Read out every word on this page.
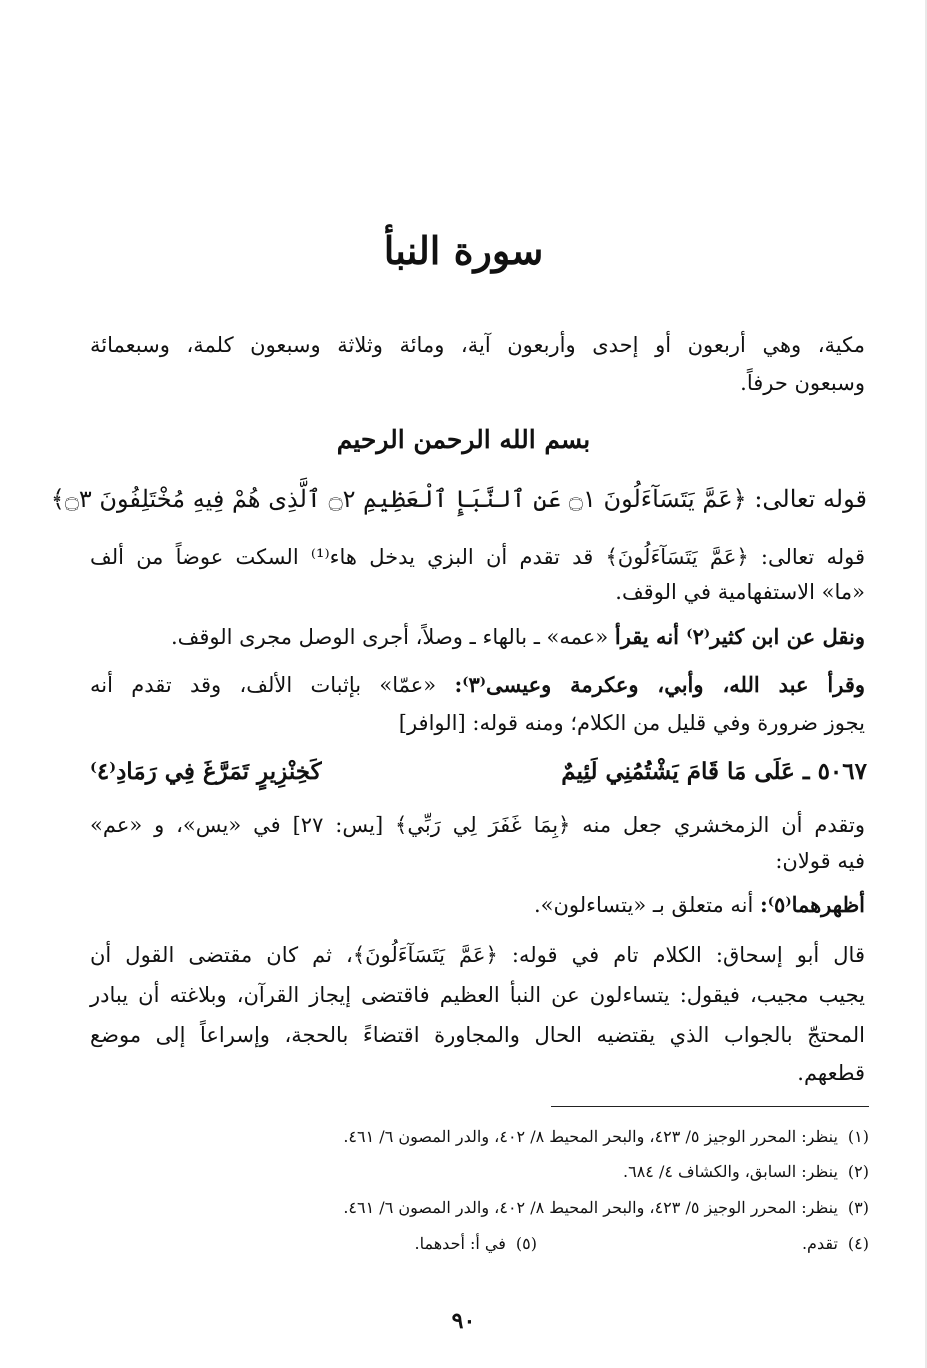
سورة النبأ
مكية، وهي أربعون أو إحدى وأربعون آية، ومائة وثلاثة وسبعون كلمة، وسبعمائة
وسبعون حرفاً.
بسم الله الرحمن الرحيم
قوله تعالى: ﴿عَمَّ يَتَسَآءَلُونَ ۝١ عَنِ ٱلنَّبَإِ ٱلْعَظِيمِ ۝٢ ٱلَّذِى هُمْ فِيهِ مُخْتَلِفُونَ ۝٣﴾
قوله تعالى: ﴿عَمَّ يَتَسَآءَلُونَ﴾ قد تقدم أن البزي يدخل هاء⁽¹⁾ السكت عوضاً من ألف
«ما» الاستفهامية في الوقف.
ونقل عن ابن كثير⁽٢⁾ أنه يقرأ «عمه» ـ بالهاء ـ وصلاً، أجرى الوصل مجرى الوقف.
وقرأ عبد الله، وأبي، وعكرمة وعيسى⁽٣⁾: «عمّا» بإثبات الألف، وقد تقدم أنه
يجوز ضرورة وفي قليل من الكلام؛ ومنه قوله: [الوافر]
٥٠٦٧ ـ عَلَى مَا قَامَ يَشْتُمُنِي لَئِيمٌ
كَخِنْزِيرٍ تَمَرَّغَ فِي رَمَادِ⁽٤⁾
وتقدم أن الزمخشري جعل منه ﴿بِمَا غَفَرَ لِي رَبِّي﴾ [يس: ٢٧] في «يس»، و «عم»
فيه قولان:
أظهرهما⁽٥⁾: أنه متعلق بـ «يتساءلون».
قال أبو إسحاق: الكلام تام في قوله: ﴿عَمَّ يَتَسَآءَلُونَ﴾، ثم كان مقتضى القول أن
يجيب مجيب، فيقول: يتساءلون عن النبأ العظيم فاقتضى إيجاز القرآن، وبلاغته أن يبادر
المحتجّ بالجواب الذي يقتضيه الحال والمجاورة اقتضاءً بالحجة، وإسراعاً إلى موضع
قطعهم.
(١)ينظر: المحرر الوجيز ٥/ ٤٢٣، والبحر المحيط ٨/ ٤٠٢، والدر المصون ٦/ ٤٦١.
(٢)ينظر: السابق، والكشاف ٤/ ٦٨٤.
(٣)ينظر: المحرر الوجيز ٥/ ٤٢٣، والبحر المحيط ٨/ ٤٠٢، والدر المصون ٦/ ٤٦١.
(٤)تقدم.
(٥)في أ: أحدهما.
٩٠
